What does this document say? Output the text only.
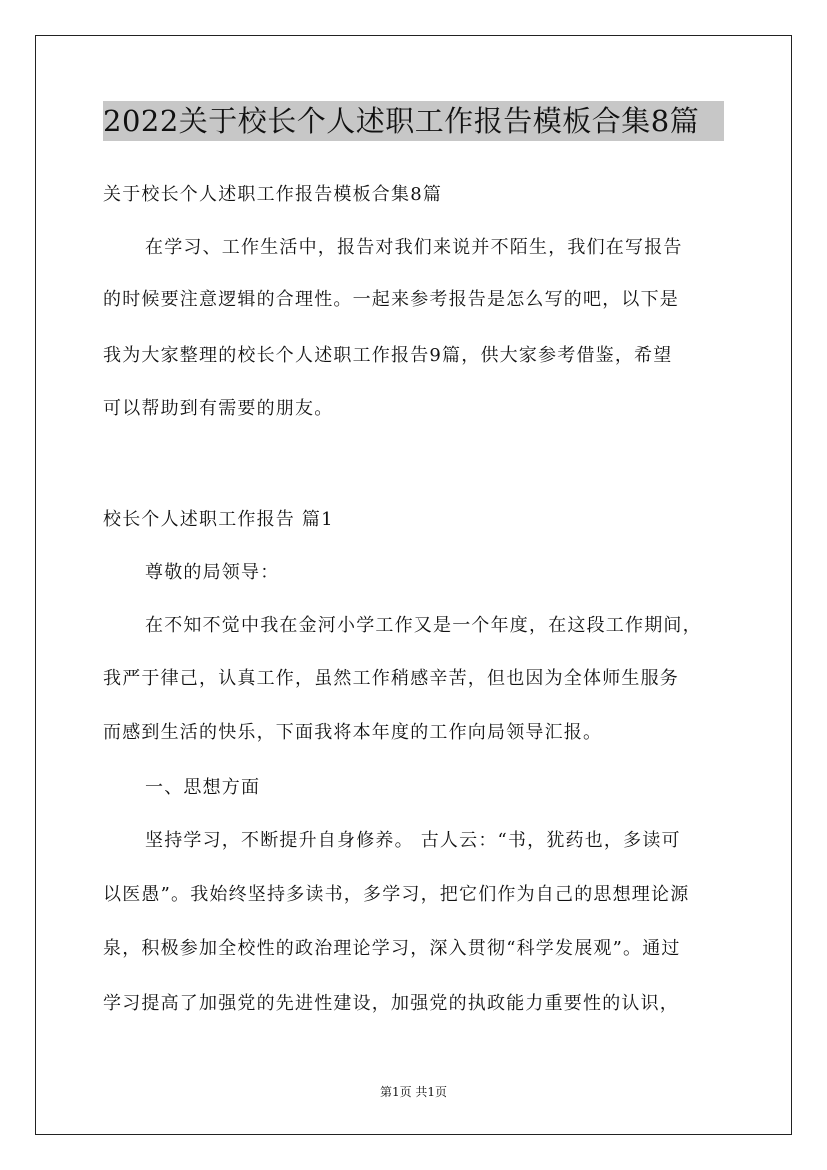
2022关于校长个人述职工作报告模板合集8篇
关于校长个人述职工作报告模板合集8篇
在学习、工作生活中，报告对我们来说并不陌生，我们在写报告
的时候要注意逻辑的合理性。一起来参考报告是怎么写的吧，以下是
我为大家整理的校长个人述职工作报告9篇，供大家参考借鉴，希望
可以帮助到有需要的朋友。
校长个人述职工作报告 篇1
尊敬的局领导：
在不知不觉中我在金河小学工作又是一个年度，在这段工作期间，
我严于律己，认真工作，虽然工作稍感辛苦，但也因为全体师生服务
而感到生活的快乐，下面我将本年度的工作向局领导汇报。
一、思想方面
坚持学习，不断提升自身修养。 古人云：“书，犹药也，多读可
以医愚”。我始终坚持多读书，多学习，把它们作为自己的思想理论源
泉，积极参加全校性的政治理论学习，深入贯彻“科学发展观”。通过
学习提高了加强党的先进性建设，加强党的执政能力重要性的认识，
第1页 共1页
